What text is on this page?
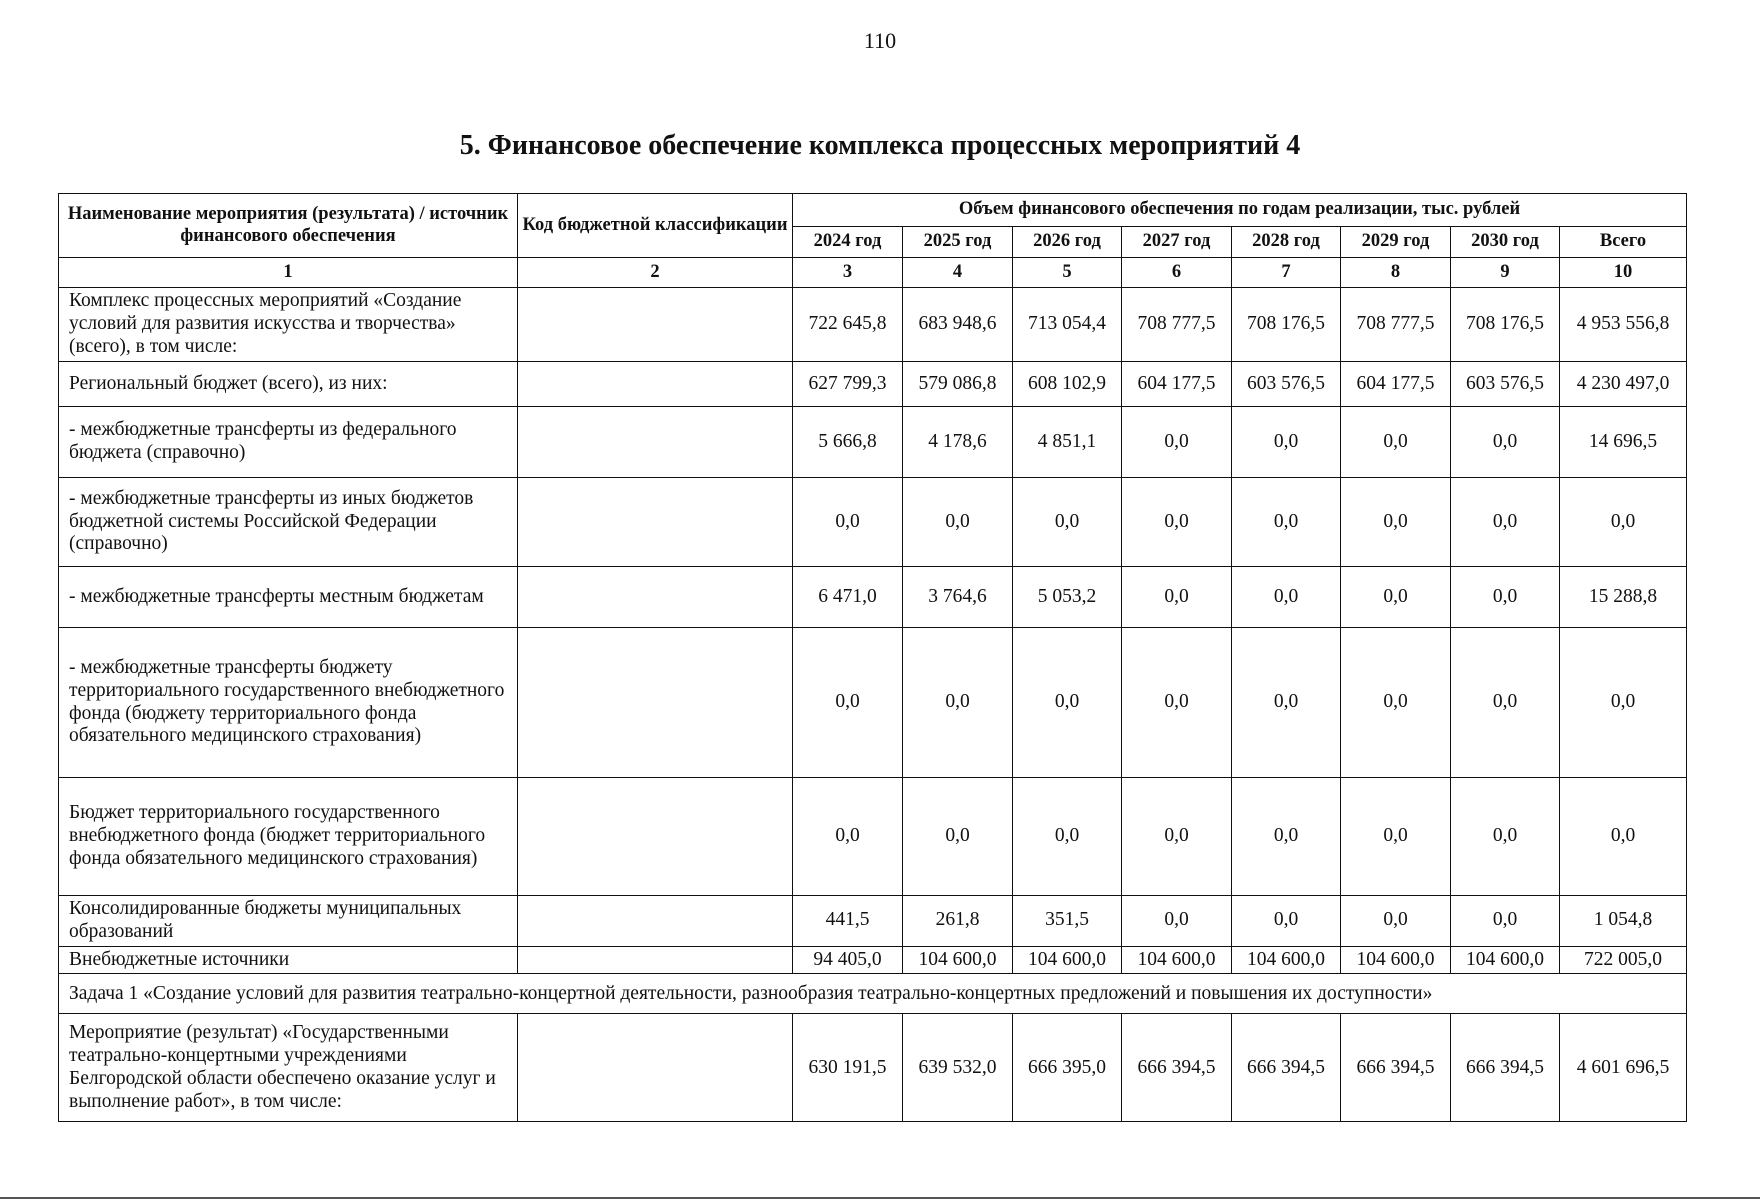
110
5. Финансовое обеспечение комплекса процессных мероприятий 4
Наименование мероприятия (результата) / источник финансового обеспечения	Код бюджетной классификации	Объем финансового обеспечения по годам реализации, тыс. рублей							
		2024 год	2025 год	2026 год	2027 год	2028 год	2029 год	2030 год	Всего
1	2	3	4	5	6	7	8	9	10
Комплекс процессных мероприятий «Создание условий для развития искусства и творчества» (всего), в том числе:		722 645,8	683 948,6	713 054,4	708 777,5	708 176,5	708 777,5	708 176,5	4 953 556,8
Региональный бюджет (всего), из них:		627 799,3	579 086,8	608 102,9	604 177,5	603 576,5	604 177,5	603 576,5	4 230 497,0
- межбюджетные трансферты из федерального бюджета (справочно)		5 666,8	4 178,6	4 851,1	0,0	0,0	0,0	0,0	14 696,5
- межбюджетные трансферты из иных бюджетов бюджетной системы Российской Федерации (справочно)		0,0	0,0	0,0	0,0	0,0	0,0	0,0	0,0
- межбюджетные трансферты местным бюджетам		6 471,0	3 764,6	5 053,2	0,0	0,0	0,0	0,0	15 288,8
- межбюджетные трансферты бюджету территориального государственного внебюджетного фонда (бюджету территориального фонда обязательного медицинского страхования)		0,0	0,0	0,0	0,0	0,0	0,0	0,0	0,0
Бюджет территориального государственного внебюджетного фонда (бюджет территориального фонда обязательного медицинского страхования)		0,0	0,0	0,0	0,0	0,0	0,0	0,0	0,0
Консолидированные бюджеты муниципальных образований		441,5	261,8	351,5	0,0	0,0	0,0	0,0	1 054,8
Внебюджетные источники		94 405,0	104 600,0	104 600,0	104 600,0	104 600,0	104 600,0	104 600,0	722 005,0
Задача 1 «Создание условий для развития театрально-концертной деятельности, разнообразия театрально-концертных предложений и повышения их доступности»									
Мероприятие (результат) «Государственными театрально-концертными учреждениями Белгородской области обеспечено оказание услуг и выполнение работ», в том числе:		630 191,5	639 532,0	666 395,0	666 394,5	666 394,5	666 394,5	666 394,5	4 601 696,5
